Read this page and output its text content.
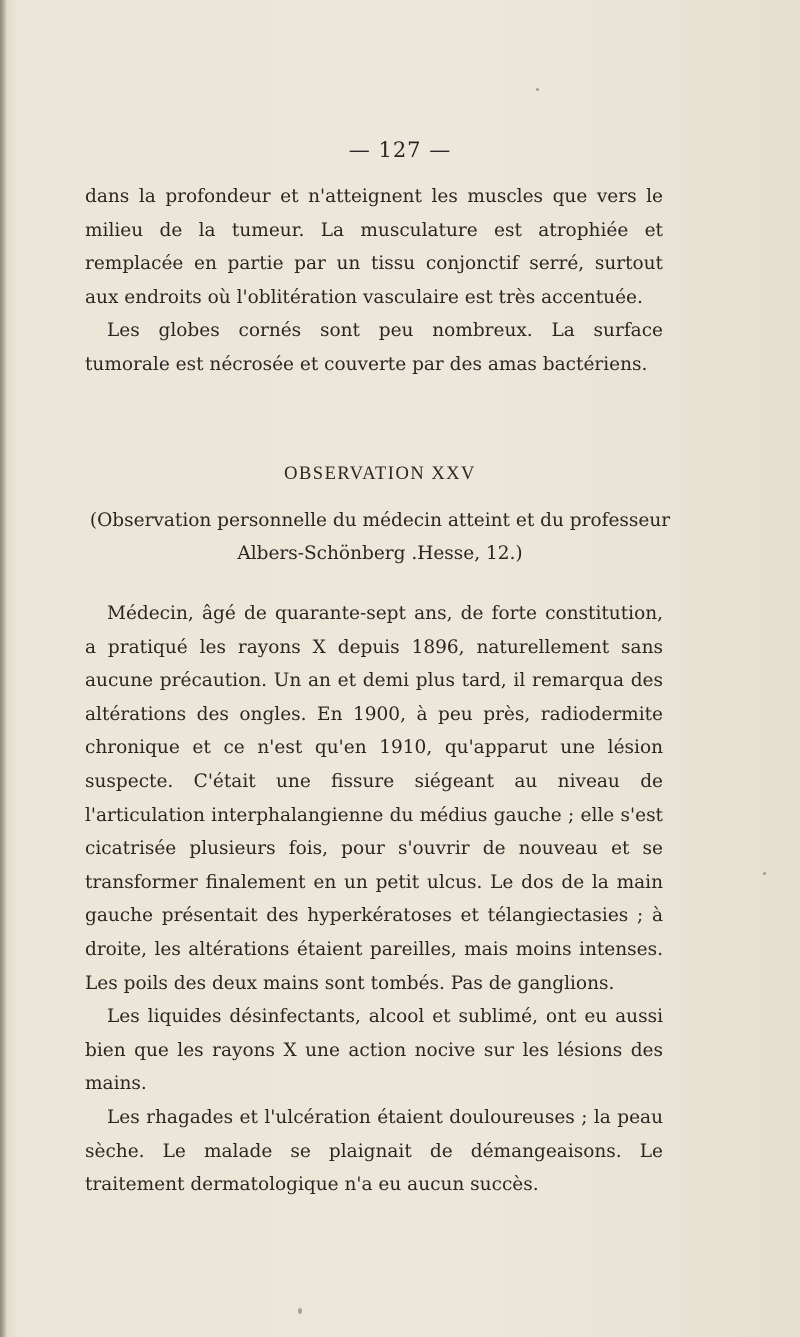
— 127 —

dans la profondeur et n'atteignent les muscles que vers le milieu de la tumeur. La musculature est atrophiée et remplacée en partie par un tissu conjonctif serré, surtout aux endroits où l'oblitération vasculaire est très accentuée.

Les globes cornés sont peu nombreux. La surface tumorale est nécrosée et couverte par des amas bactériens.

OBSERVATION XXV
(Observation personnelle du médecin atteint et du professeur Albers-Schönberg .Hesse, 12.)

Médecin, âgé de quarante-sept ans, de forte constitution, a pratiqué les rayons X depuis 1896, naturellement sans aucune précaution. Un an et demi plus tard, il remarqua des altérations des ongles. En 1900, à peu près, radiodermite chronique et ce n'est qu'en 1910, qu'apparut une lésion suspecte. C'était une fissure siégeant au niveau de l'articulation interphalangienne du médius gauche ; elle s'est cicatrisée plusieurs fois, pour s'ouvrir de nouveau et se transformer finalement en un petit ulcus. Le dos de la main gauche présentait des hyperkératoses et télangiectasies ; à droite, les altérations étaient pareilles, mais moins intenses. Les poils des deux mains sont tombés. Pas de ganglions.

Les liquides désinfectants, alcool et sublimé, ont eu aussi bien que les rayons X une action nocive sur les lésions des mains.

Les rhagades et l'ulcération étaient douloureuses ; la peau sèche. Le malade se plaignait de démangeaisons. Le traitement dermatologique n'a eu aucun succès.
